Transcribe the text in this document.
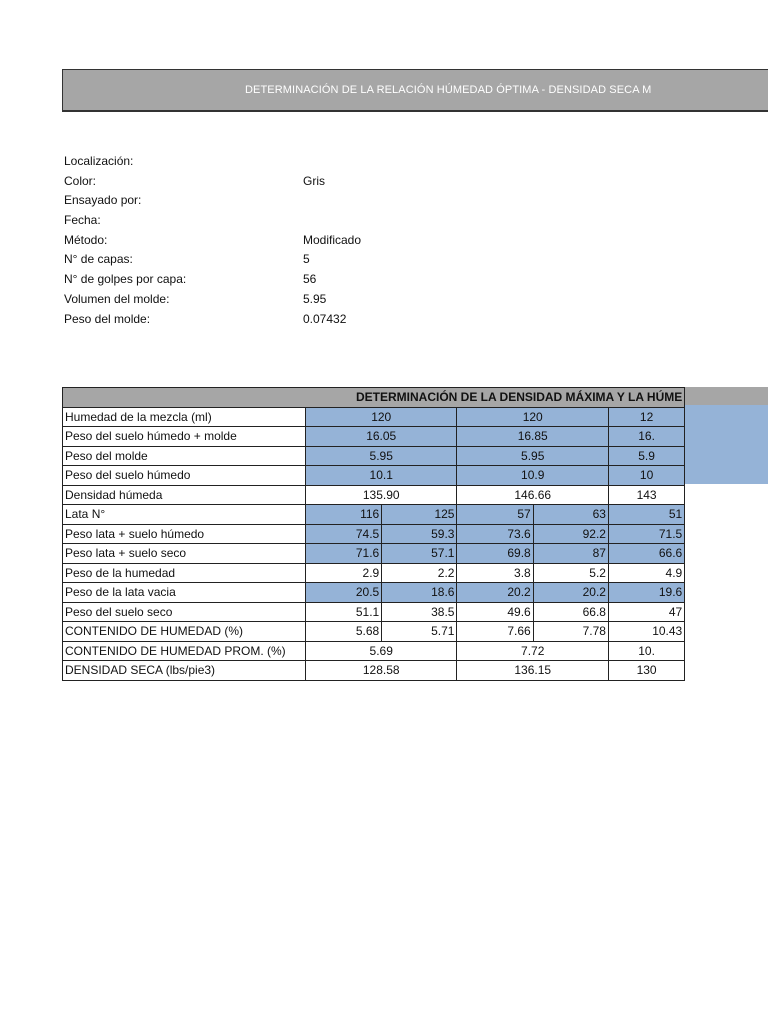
DETERMINACIÓN DE LA RELACIÓN HÚMEDAD ÓPTIMA - DENSIDAD SECA M
Localización:
Color:	Gris
Ensayado por:
Fecha:
Método:	Modificado
N° de capas:	5
N° de golpes por capa:	56
Volumen del molde:	5.95
Peso del molde:	0.07432
DETERMINACIÓN DE LA DENSIDAD MÁXIMA Y LA HÚME					
Humedad de la mezcla (ml)	120		120		12
Peso del suelo húmedo + molde	16.05		16.85		16.
Peso del molde	5.95		5.95		5.9
Peso del suelo húmedo	10.1		10.9		10
Densidad húmeda	135.90		146.66		143
Lata N°	116	125	57	63	51
Peso lata + suelo húmedo	74.5	59.3	73.6	92.2	71.5
Peso lata + suelo seco	71.6	57.1	69.8	87	66.6
Peso de la humedad	2.9	2.2	3.8	5.2	4.9
Peso de la lata vacia	20.5	18.6	20.2	20.2	19.6
Peso del suelo seco	51.1	38.5	49.6	66.8	47
CONTENIDO DE HUMEDAD (%)	5.68	5.71	7.66	7.78	10.43
CONTENIDO DE HUMEDAD PROM. (%)	5.69		7.72		10.
DENSIDAD SECA (lbs/pie3)	128.58		136.15		130
